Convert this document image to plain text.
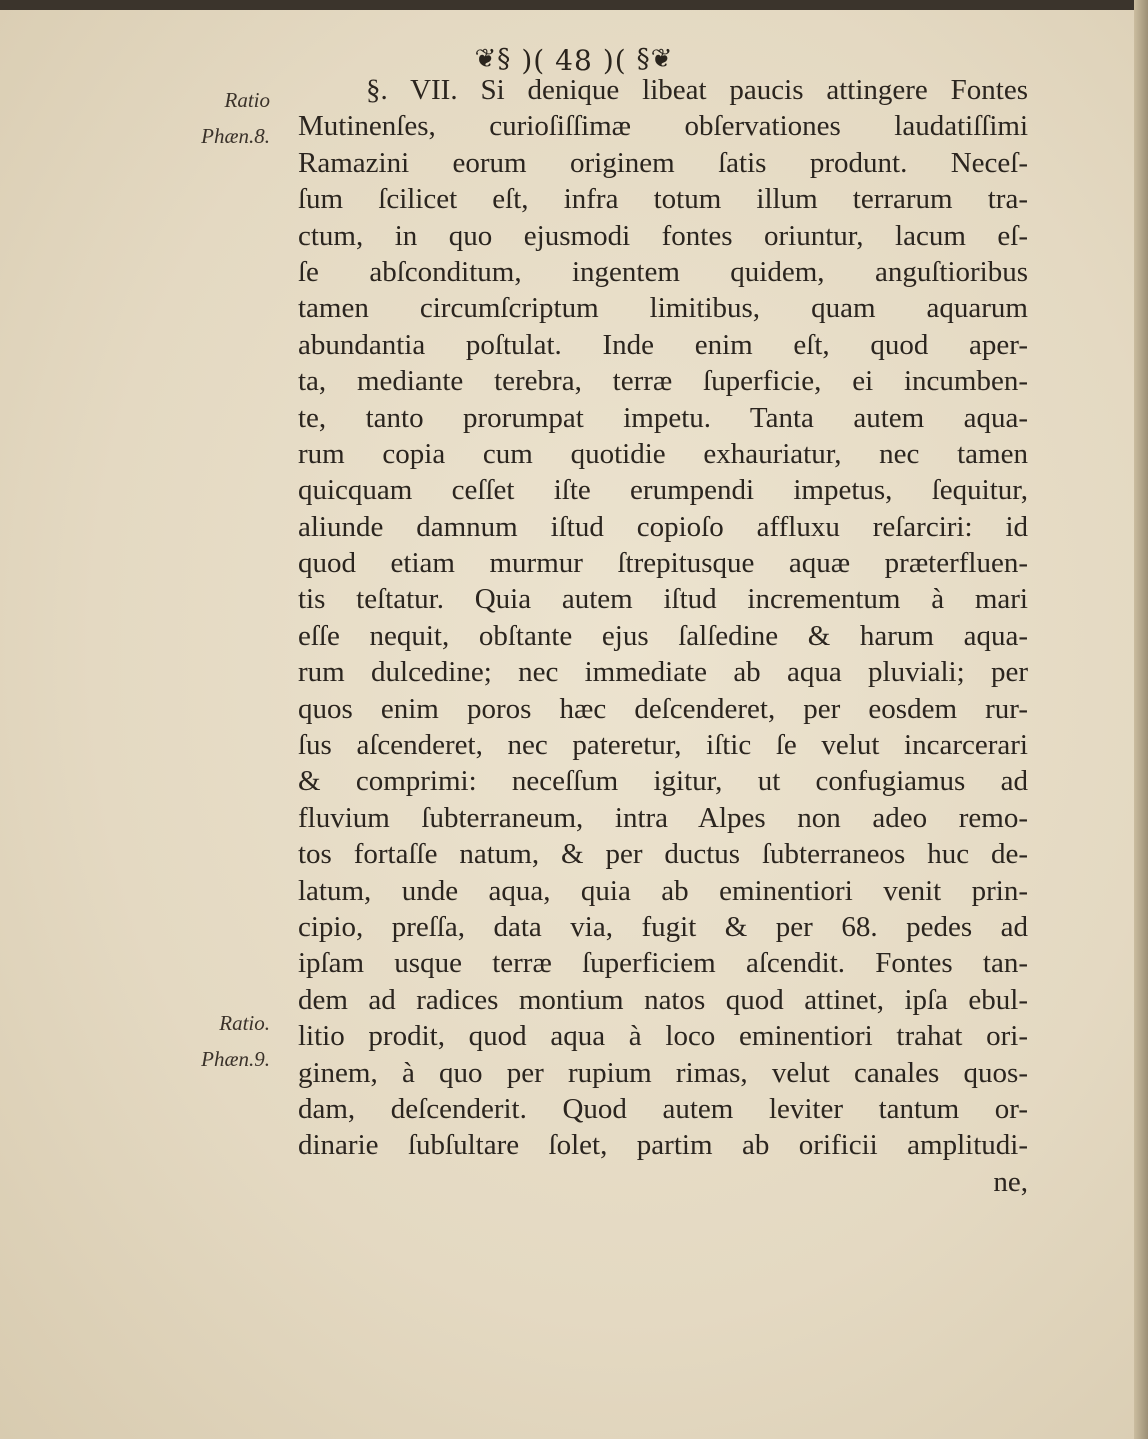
❦§ )( 48 )( §❦
Ratio
Phæn.8.
Ratio.
Phæn.9.
§. VII. Si denique libeat paucis attingere Fontes
Mutinenſes, curioſiſſimæ obſervationes laudatiſſimi
Ramazini eorum originem ſatis produnt. Neceſ-
ſum ſcilicet eſt, infra totum illum terrarum tra-
ctum, in quo ejusmodi fontes oriuntur, lacum eſ-
ſe abſconditum, ingentem quidem, anguſtioribus
tamen circumſcriptum limitibus, quam aquarum
abundantia poſtulat. Inde enim eſt, quod aper-
ta, mediante terebra, terræ ſuperficie, ei incumben-
te, tanto prorumpat impetu. Tanta autem aqua-
rum copia cum quotidie exhauriatur, nec tamen
quicquam ceſſet iſte erumpendi impetus, ſequitur,
aliunde damnum iſtud copioſo affluxu reſarciri: id
quod etiam murmur ſtrepitusque aquæ præterfluen-
tis teſtatur. Quia autem iſtud incrementum à mari
eſſe nequit, obſtante ejus ſalſedine & harum aqua-
rum dulcedine; nec immediate ab aqua pluviali; per
quos enim poros hæc deſcenderet, per eosdem rur-
ſus aſcenderet, nec pateretur, iſtic ſe velut incarcerari
& comprimi: neceſſum igitur, ut confugiamus ad
fluvium ſubterraneum, intra Alpes non adeo remo-
tos fortaſſe natum, & per ductus ſubterraneos huc de-
latum, unde aqua, quia ab eminentiori venit prin-
cipio, preſſa, data via, fugit & per 68. pedes ad
ipſam usque terræ ſuperficiem aſcendit. Fontes tan-
dem ad radices montium natos quod attinet, ipſa ebul-
litio prodit, quod aqua à loco eminentiori trahat ori-
ginem, à quo per rupium rimas, velut canales quos-
dam, deſcenderit. Quod autem leviter tantum or-
dinarie ſubſultare ſolet, partim ab orificii amplitudi-
ne,
